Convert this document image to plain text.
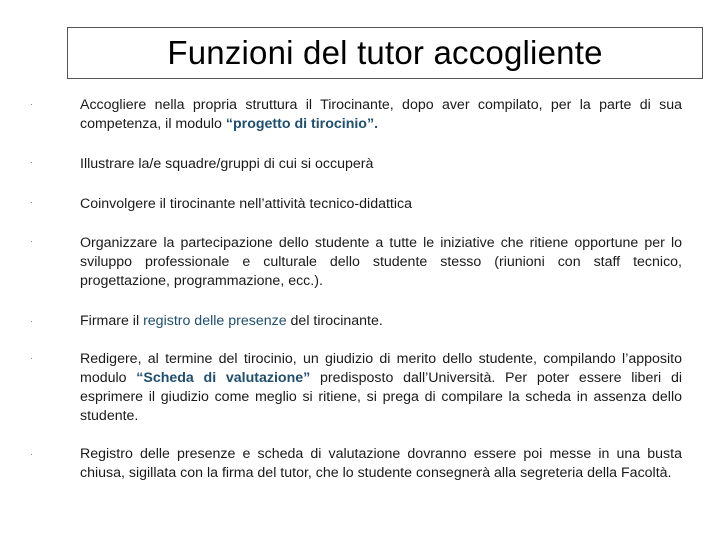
Funzioni del tutor accogliente
·	Accogliere nella propria struttura il Tirocinante, dopo aver compilato, per la parte di sua competenza, il modulo “progetto di tirocinio”.
·	Illustrare la/e squadre/gruppi di cui si occuperà
·	Coinvolgere il tirocinante nell’attività tecnico-didattica
·	Organizzare la partecipazione dello studente a tutte le iniziative che ritiene opportune per lo sviluppo professionale e culturale dello studente stesso (riunioni con staff tecnico, progettazione, programmazione, ecc.).
·	Firmare il registro delle presenze del tirocinante.
·	Redigere, al termine del tirocinio, un giudizio di merito dello studente, compilando l’apposito modulo “Scheda di valutazione” predisposto dall’Università. Per poter essere liberi di esprimere il giudizio come meglio si ritiene, si prega di compilare la scheda in assenza dello studente.
·	Registro delle presenze e scheda di valutazione dovranno essere poi messe in una busta chiusa, sigillata con la firma del tutor, che lo studente consegnerà alla segreteria della Facoltà.
